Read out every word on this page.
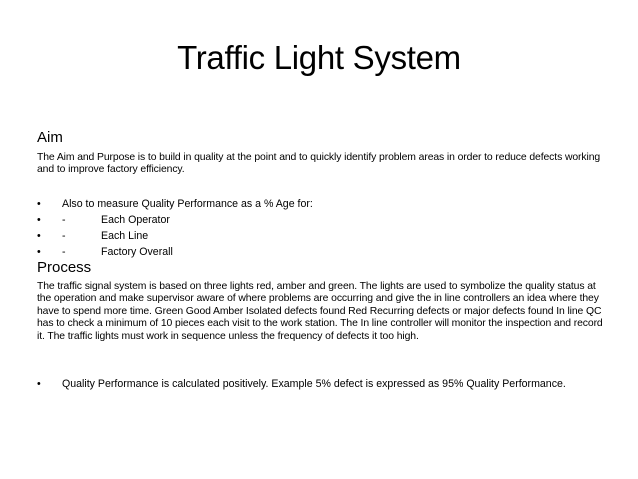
Traffic Light System
Aim
The Aim and Purpose is to build in quality at the point and to quickly identify problem areas in order to reduce defects working and to improve factory efficiency.
• Also to measure Quality Performance as a % Age for:
• -	Each Operator
• -	Each Line
• -	Factory Overall
Process
The traffic signal system is based on three lights red, amber and green. The lights are used to symbolize the quality status at the operation and make supervisor aware of where problems are occurring and give the in line controllers an idea where they have to spend more time. Green Good Amber Isolated defects found Red Recurring defects or major defects found In line QC has to check a minimum of 10 pieces each visit to the work station. The In line controller will monitor the inspection and record it. The traffic lights must work in sequence unless the frequency of defects it too high.
• Quality Performance is calculated positively. Example 5% defect is expressed as 95% Quality Performance.
